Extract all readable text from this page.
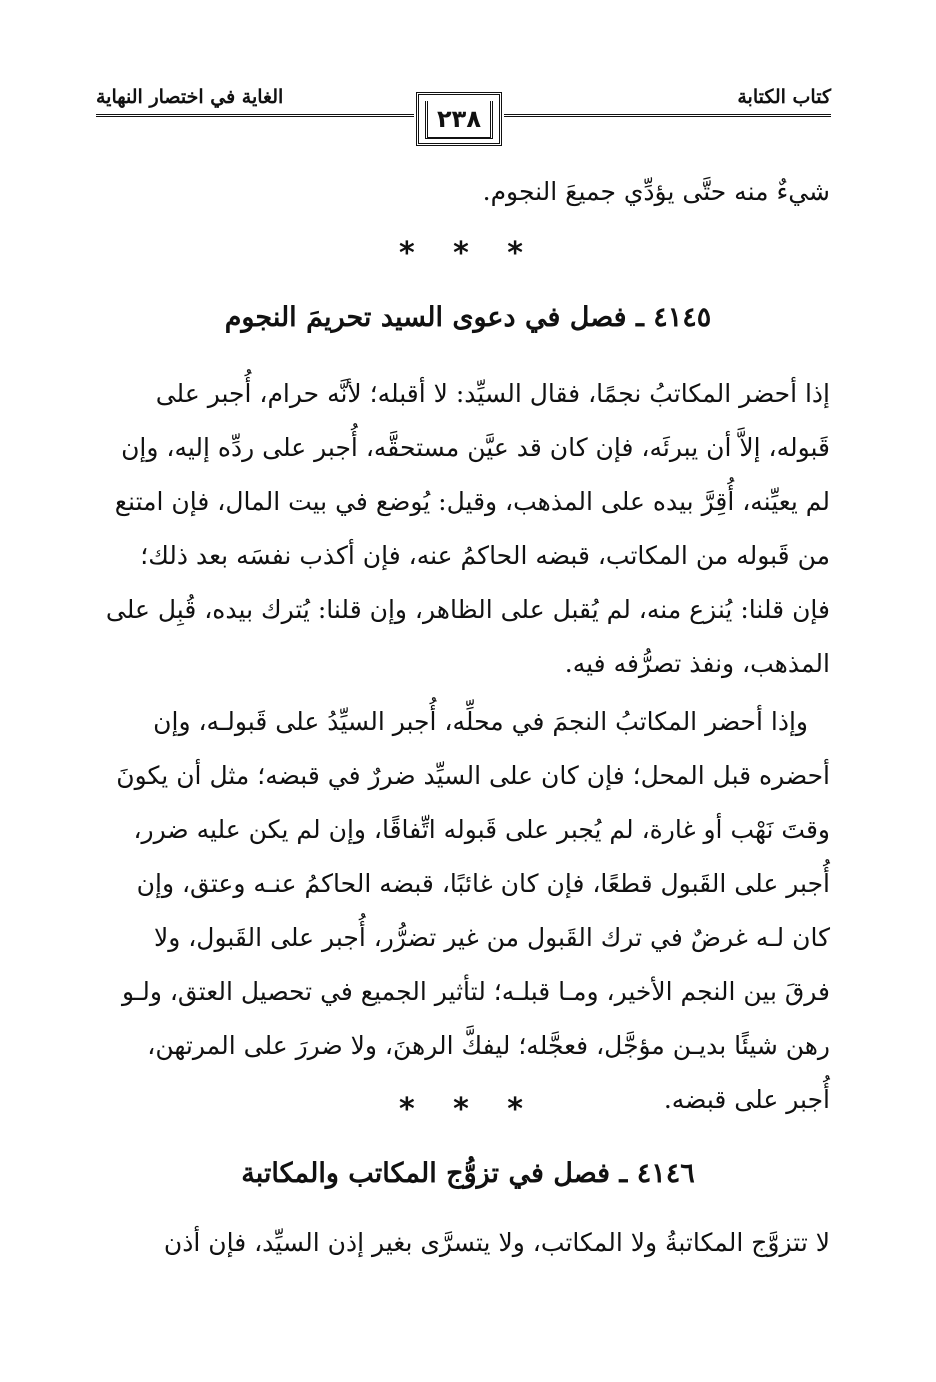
كتاب الكتابة
٢٣٨
الغاية في اختصار النهاية

شيءٌ منه حتَّى يؤدِّي جميعَ النجوم.

* * *
٤١٤٥ ـ فصل في دعوى السيد تحريمَ النجوم

إذا أحضر المكاتبُ نجمًا، فقال السيِّد: لا أقبله؛ لأنَّه حرام، أُجبر على قَبوله، إلاَّ أن يبرئَه، فإن كان قد عيَّن مستحقَّه، أُجبر على ردِّه إليه، وإن لم يعيِّنه، أُقِرَّ بيده على المذهب، وقيل: يُوضع في بيت المال، فإن امتنع من قَبوله من المكاتب، قبضه الحاكمُ عنه، فإن أكذب نفسَه بعد ذلك؛ فإن قلنا: يُنزع منه، لم يُقبل على الظاهر، وإن قلنا: يُترك بيده، قُبِل على المذهب، ونفذ تصرُّفه فيه.

وإذا أحضر المكاتبُ النجمَ في محلِّه، أُجبر السيِّدُ على قَبولـه، وإن أحضره قبل المحل؛ فإن كان على السيِّد ضررٌ في قبضه؛ مثل أن يكونَ وقتَ نَهْب أو غارة، لم يُجبر على قَبوله اتِّفاقًا، وإن لم يكن عليه ضرر، أُجبر على القَبول قطعًا، فإن كان غائبًا، قبضه الحاكمُ عنـه وعتق، وإن كان لـه غرضٌ في ترك القَبول من غير تضرُّر، أُجبر على القَبول، ولا فرقَ بين النجم الأخير، ومـا قبلـه؛ لتأثير الجميع في تحصيل العتق، ولـو رهن شيئًا بديـن مؤجَّل، فعجَّله؛ ليفكَّ الرهنَ، ولا ضررَ على المرتهن، أُجبر على قبضه.

* * *
٤١٤٦ ـ فصل في تزوُّج المكاتب والمكاتبة

لا تتزوَّج المكاتبةُ ولا المكاتب، ولا يتسرَّى بغير إذن السيِّد، فإن أذن
